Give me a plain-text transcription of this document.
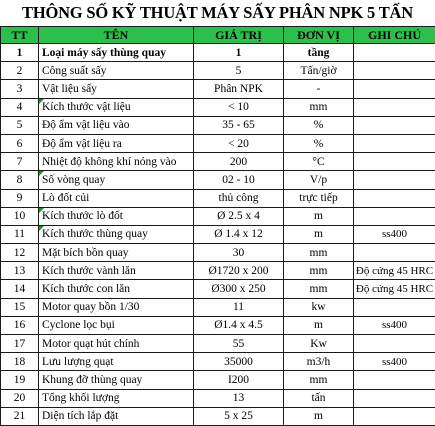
THÔNG SỐ KỸ THUẬT MÁY SẤY PHÂN NPK 5 TẤN
TT	TÊN	GIÁ TRỊ	ĐƠN VỊ	GHI CHÚ
1	Loại máy sấy thùng quay	1	tầng	
2	Công suất sấy	5	Tấn/giờ	
3	Vật liệu sấy	Phân NPK	-	
4	Kích thước vật liệu	< 10	mm	
5	Độ ẩm vật liệu vào	35 - 65	%	
6	Độ ẩm vật liệu ra	< 20	%	
7	Nhiệt độ không khí nóng vào	200	°C	
8	Số vòng quay	02 - 10	V/p	
9	Lò đốt củi	thủ công	trực tiếp	
10	Kích thước lò đốt	Ø 2.5 x 4	m	
11	Kích thước thùng quay	Ø 1.4 x 12	m	ss400
12	Mặt bích bồn quay	30	mm	
13	Kích thước vành lăn	Ø1720 x 200	mm	Độ cứng 45 HRC
14	Kích thước con lăn	Ø300 x 250	mm	Độ cứng 45 HRC
15	Motor quay bồn 1/30	11	kw	
16	Cyclone lọc bụi	Ø1.4 x 4.5	m	ss400
17	Motor quạt hút chính	55	Kw	
18	Lưu lượng quạt	35000	m3/h	ss400
19	Khung đỡ thùng quay	I200	mm	
20	Tổng khối lượng	13	tấn	
21	Diện tích lắp đặt	5 x 25	m	
